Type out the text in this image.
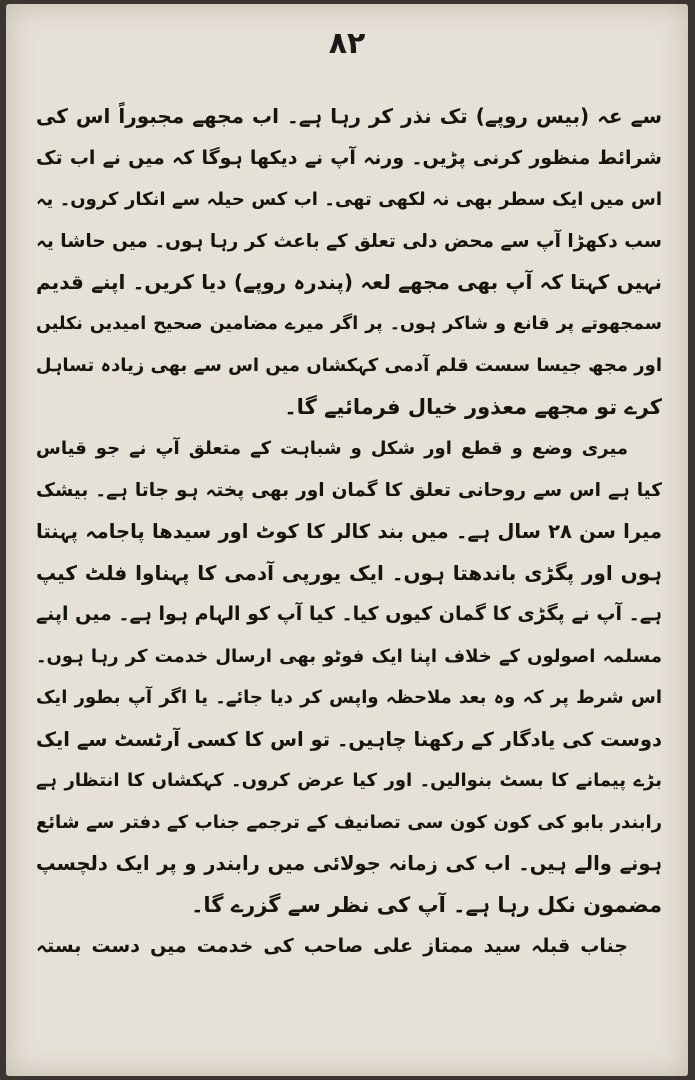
۸۲
سے عہ (بیس روپے) تک نذر کر رہا ہے۔ اب مجھے مجبوراً اس کی
شرائط منظور کرنی پڑیں۔ ورنہ آپ نے دیکھا ہوگا کہ میں نے اب تک
اس میں ایک سطر بھی نہ لکھی تھی۔ اب کس حیلہ سے انکار کروں۔ یہ
سب دکھڑا آپ سے محض دلی تعلق کے باعث کر رہا ہوں۔ میں حاشا یہ
نہیں کہتا کہ آپ بھی مجھے لعہ (پندرہ روپے) دیا کریں۔ اپنے قدیم
سمجھوتے پر قانع و شاکر ہوں۔ پر اگر میرے مضامین صحیح امیدیں نکلیں
اور مجھ جیسا سست قلم آدمی کہکشاں میں اس سے بھی زیادہ تساہل
کرے تو مجھے معذور خیال فرمائیے گا۔
میری وضع و قطع اور شکل و شباہت کے متعلق آپ نے جو قیاس
کیا ہے اس سے روحانی تعلق کا گمان اور بھی پختہ ہو جاتا ہے۔ بیشک
میرا سن ۲۸ سال ہے۔ میں بند کالر کا کوٹ اور سیدھا پاجامہ پہنتا
ہوں اور پگڑی باندھتا ہوں۔ ایک یورپی آدمی کا پہناوا فلٹ کیپ
ہے۔ آپ نے پگڑی کا گمان کیوں کیا۔ کیا آپ کو الہام ہوا ہے۔ میں اپنے
مسلمہ اصولوں کے خلاف اپنا ایک فوٹو بھی ارسال خدمت کر رہا ہوں۔
اس شرط پر کہ وہ بعد ملاحظہ واپس کر دیا جائے۔ یا اگر آپ بطور ایک
دوست کی یادگار کے رکھنا چاہیں۔ تو اس کا کسی آرٹسٹ سے ایک
بڑے پیمانے کا بسٹ بنوالیں۔ اور کیا عرض کروں۔ کہکشاں کا انتظار ہے
رابندر بابو کی کون کون سی تصانیف کے ترجمے جناب کے دفتر سے شائع
ہونے والے ہیں۔ اب کی زمانہ جولائی میں رابندر و پر ایک دلچسپ
مضمون نکل رہا ہے۔ آپ کی نظر سے گزرے گا۔
جناب قبلہ سید ممتاز علی صاحب کی خدمت میں دست بستہ
